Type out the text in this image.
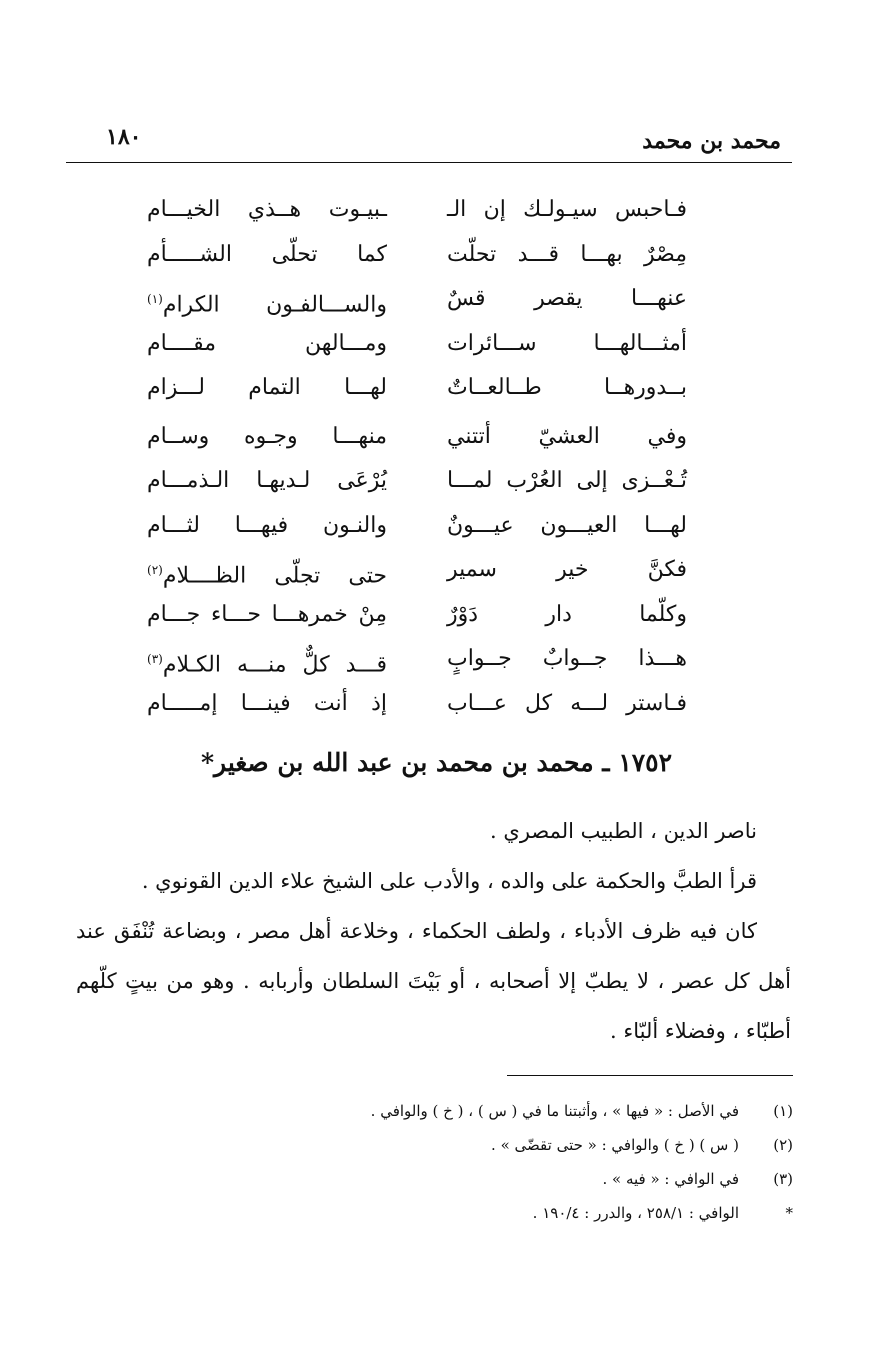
محمد بن محمد
١٨٠
فـاحبس سيـولـك إن الـ
ـبيـوت هــذي الخيـــام
مِصْرٌ بهـــا قـــد تحلّت
كما تحلّى الشـــــأم
عنهـــا يقصر قسٌ
والســـالفـون الكرام$^{(١)}$
أمثـــالهـــا ســـائرات
ومـــالهن مقــــام
بــدورهــا طــالعــاتٌ
لهـــا التمام لـــزام
وفي العشيّ أتتني
منهـــا وجـوه وســام
تُـعْــزى إلى العُرْب لمـــا
يُرْعَى لـديهـا الـذمـــام
لهـــا العيـــون عيـــونٌ
والنـون فيهـــا لثـــام
فكنَّ خير سمير
حتى تجلّى الظــــلام$^{(٢)}$
وكلّما دار دَوْرٌ
مِنْ خمرهـــا حـــاء جـــام
هـــذا جــوابٌ جــوابٍ
قـــد كلٌّ منـــه الكـلام$^{(٣)}$
فـاستر لـــه كل عـــاب
إذ أنت فينـــا إمـــــام
١٧٥٢ ـ محمد بن محمد بن عبد الله بن صغير*

ناصر الدين ، الطبيب المصري .

قرأ الطبَّ والحكمة على والده ، والأدب على الشيخ علاء الدين القونوي .

كان فيه ظرف الأدباء ، ولطف الحكماء ، وخلاعة أهل مصر ، وبضاعة تُنْفَق عند أهل كل عصر ، لا يطبّ إلا أصحابه ، أو بَيْتَ السلطان وأربابه . وهو من بيتٍ كلّهم أطبّاء ، وفضلاء ألبّاء .

(١)
في الأصل : « فيها » ، وأثبتنا ما في ( س ) ، ( خ ) والوافي .
(٢)
( س ) ( خ ) والوافي : « حتى تقضّى » .
(٣)
في الوافي : « فيه » .
*
الوافي : ٢٥٨/١ ، والدرر : ١٩٠/٤ .
